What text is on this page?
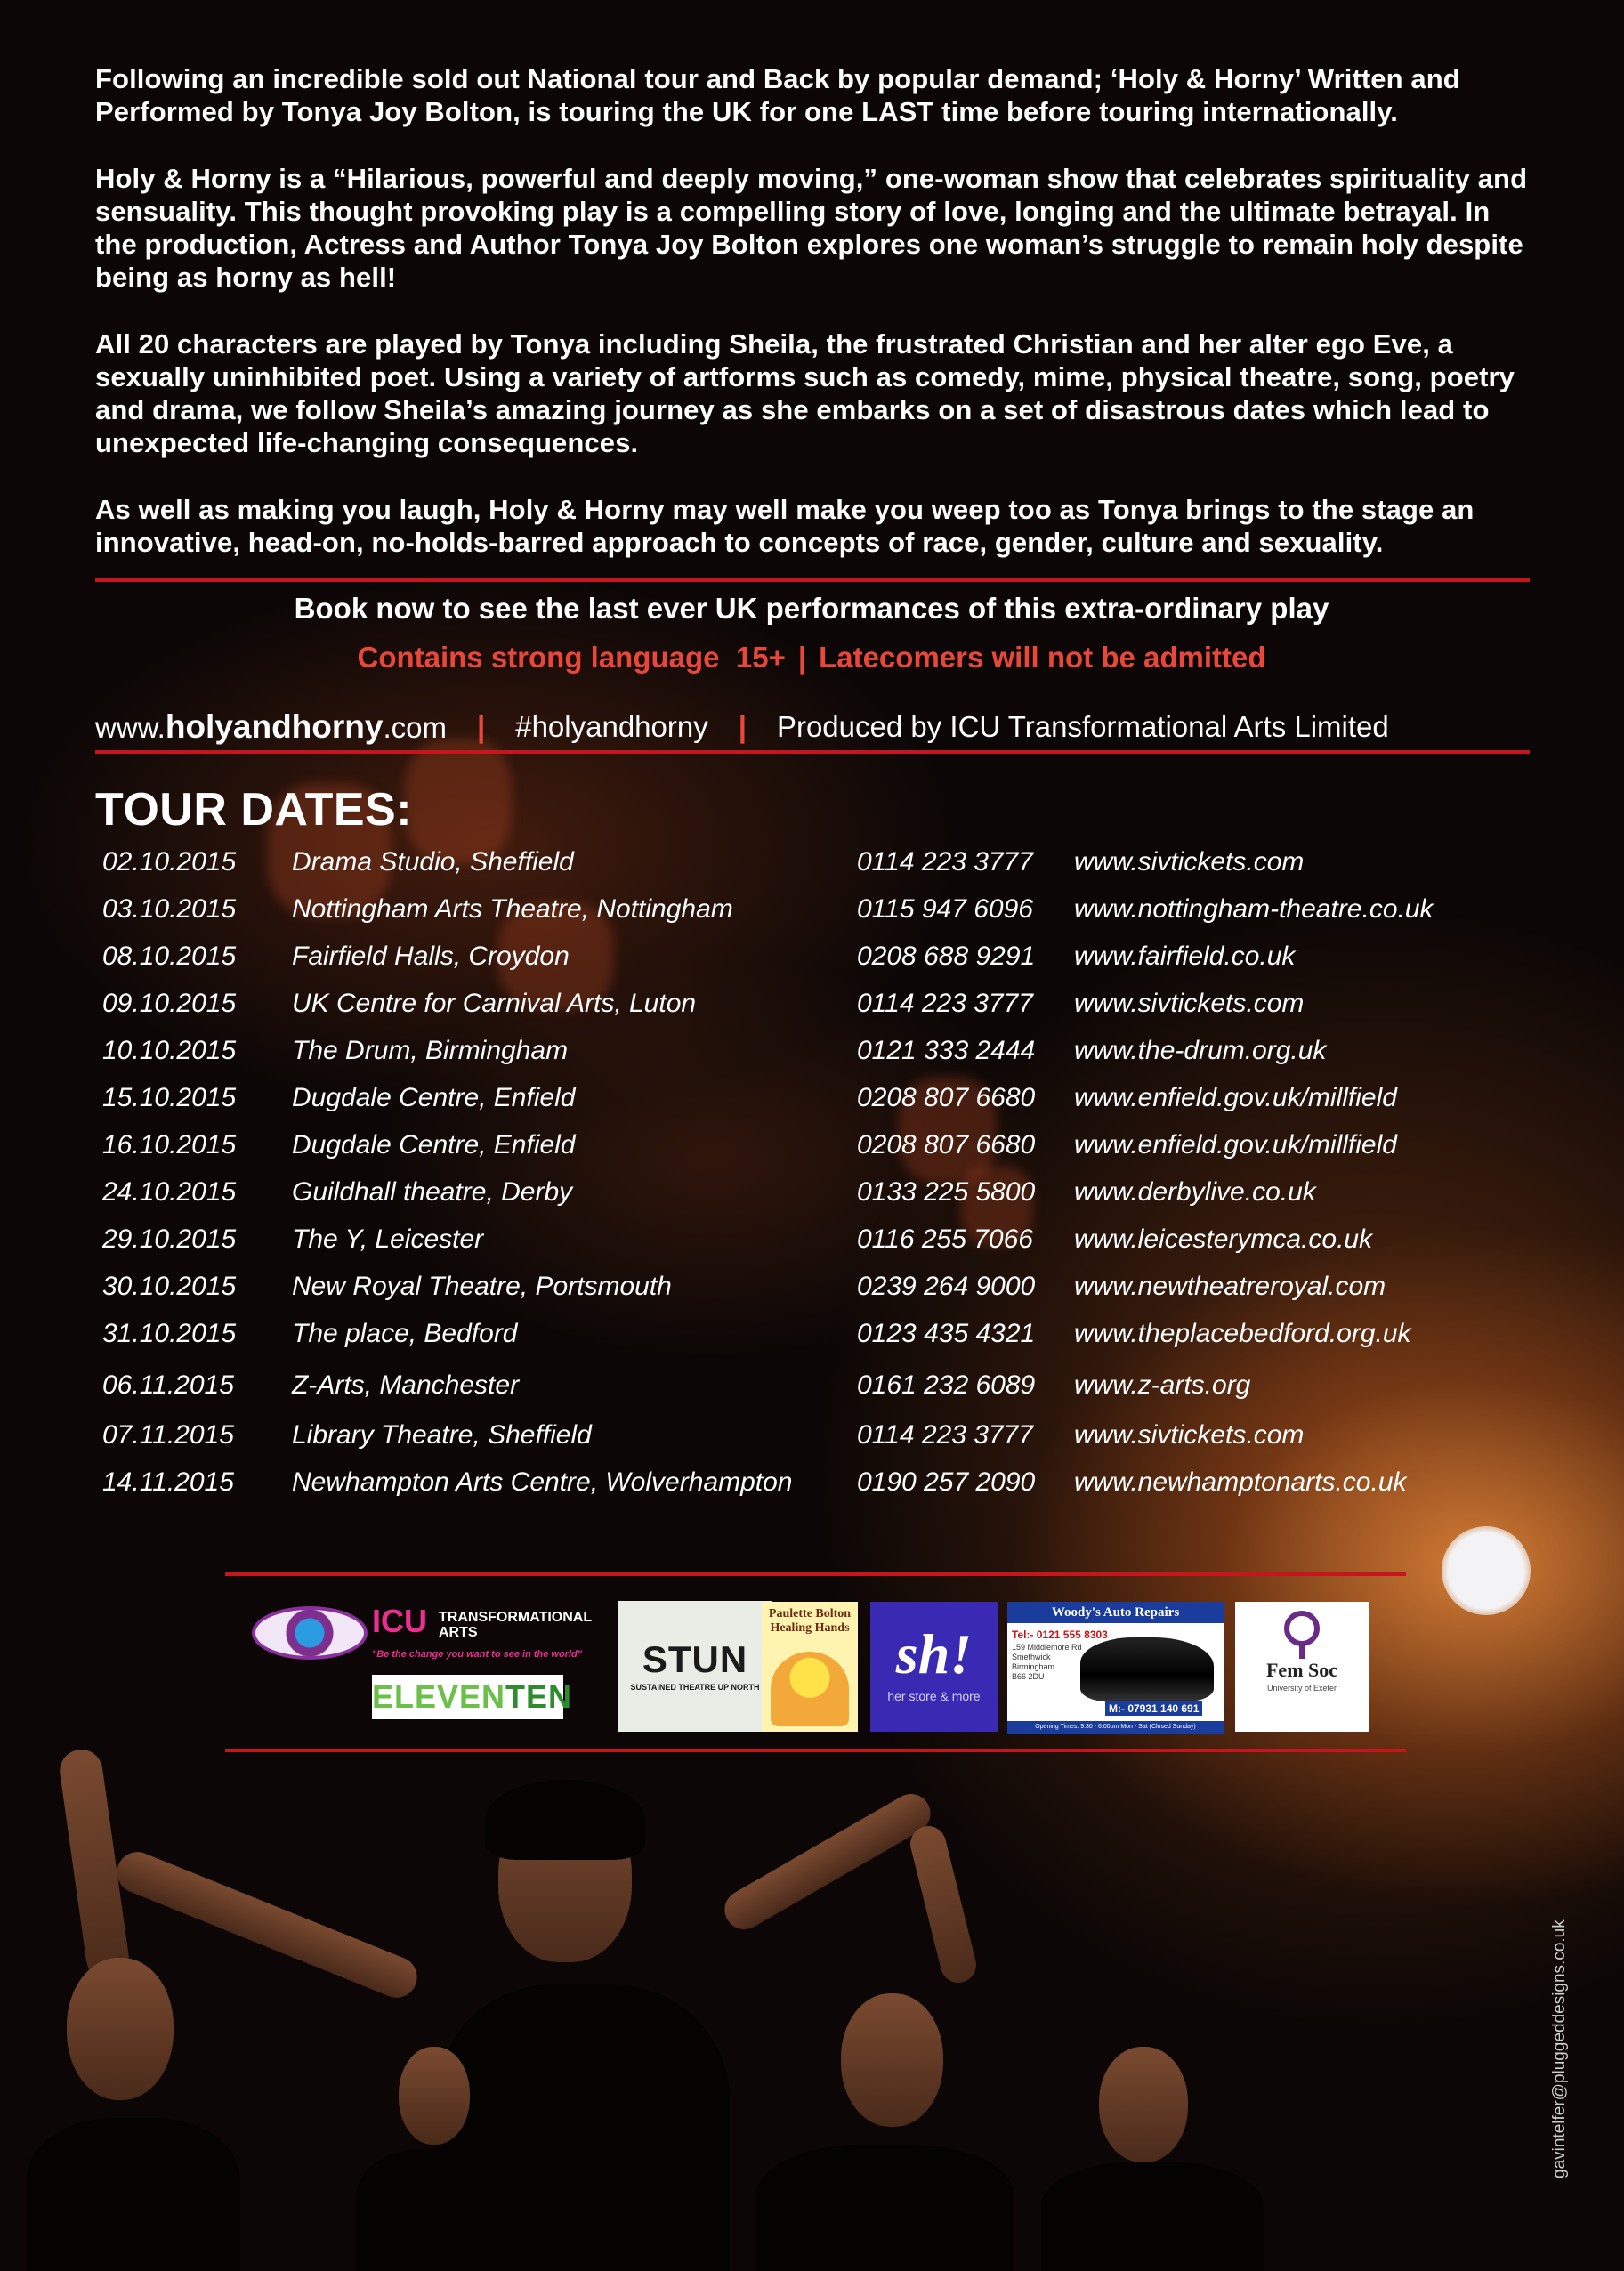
Following an incredible sold out National tour and Back by popular demand; ‘Holy & Horny’ Written and Performed by Tonya Joy Bolton, is touring the UK for one LAST time before touring internationally.

Holy & Horny is a “Hilarious, powerful and deeply moving,” one-woman show that celebrates spirituality and sensuality. This thought provoking play is a compelling story of love, longing and the ultimate betrayal. In the production, Actress and Author Tonya Joy Bolton explores one woman’s struggle to remain holy despite being as horny as hell!

All 20 characters are played by Tonya including Sheila, the frustrated Christian and her alter ego Eve, a sexually uninhibited poet. Using a variety of artforms such as comedy, mime, physical theatre, song, poetry and drama, we follow Sheila’s amazing journey as she embarks on a set of disastrous dates which lead to unexpected life-changing consequences.

As well as making you laugh, Holy & Horny may well make you weep too as Tonya brings to the stage an innovative, head-on, no-holds-barred approach to concepts of race, gender, culture and sexuality.

Book now to see the last ever UK performances of this extra-ordinary play
Contains strong language 15+ | Latecomers will not be admitted
www.holyandhorny.com | #holyandhorny | Produced by ICU Transformational Arts Limited
TOUR DATES:
02.10.2015 Drama Studio, Sheffield	0114 223 3777 www.sivtickets.com
03.10.2015 Nottingham Arts Theatre, Nottingham	0115 947 6096 www.nottingham-theatre.co.uk
08.10.2015 Fairfield Halls, Croydon	0208 688 9291 www.fairfield.co.uk
09.10.2015 UK Centre for Carnival Arts, Luton	0114 223 3777 www.sivtickets.com
10.10.2015 The Drum, Birmingham	0121 333 2444 www.the-drum.org.uk
15.10.2015 Dugdale Centre, Enfield	0208 807 6680 www.enfield.gov.uk/millfield
16.10.2015 Dugdale Centre, Enfield	0208 807 6680 www.enfield.gov.uk/millfield
24.10.2015 Guildhall theatre, Derby	0133 225 5800 www.derbylive.co.uk
29.10.2015 The Y, Leicester	0116 255 7066 www.leicesterymca.co.uk
30.10.2015 New Royal Theatre, Portsmouth	0239 264 9000 www.newtheatreroyal.com
31.10.2015 The place, Bedford	0123 435 4321 www.theplacebedford.org.uk
06.11.2015 Z-Arts, Manchester	0161 232 6089 www.z-arts.org
07.11.2015 Library Theatre, Sheffield	0114 223 3777 www.sivtickets.com
14.11.2015 Newhampton Arts Centre, Wolverhampton 0190 257 2090 www.newhamptonarts.co.uk
ICU TRANSFORMATIONAL
ARTS
"Be the change you want to see in the world"
ELEVENTEN
STUN
SUSTAINED THEATRE UP NORTH
Paulette Bolton
Healing Hands sh!
her store & more
Woody's Auto Repairs
Tel:- 0121 555 8303
159 Middlemore Rd
Smethwick
Birmingham
B66 2DU
M:- 07931 140 691
Opening Times: 9:30 - 6:00pm Mon - Sat (Closed Sunday)
Fem Soc
University of Exeter
gavintelfer@pluggeddesigns.co.uk
